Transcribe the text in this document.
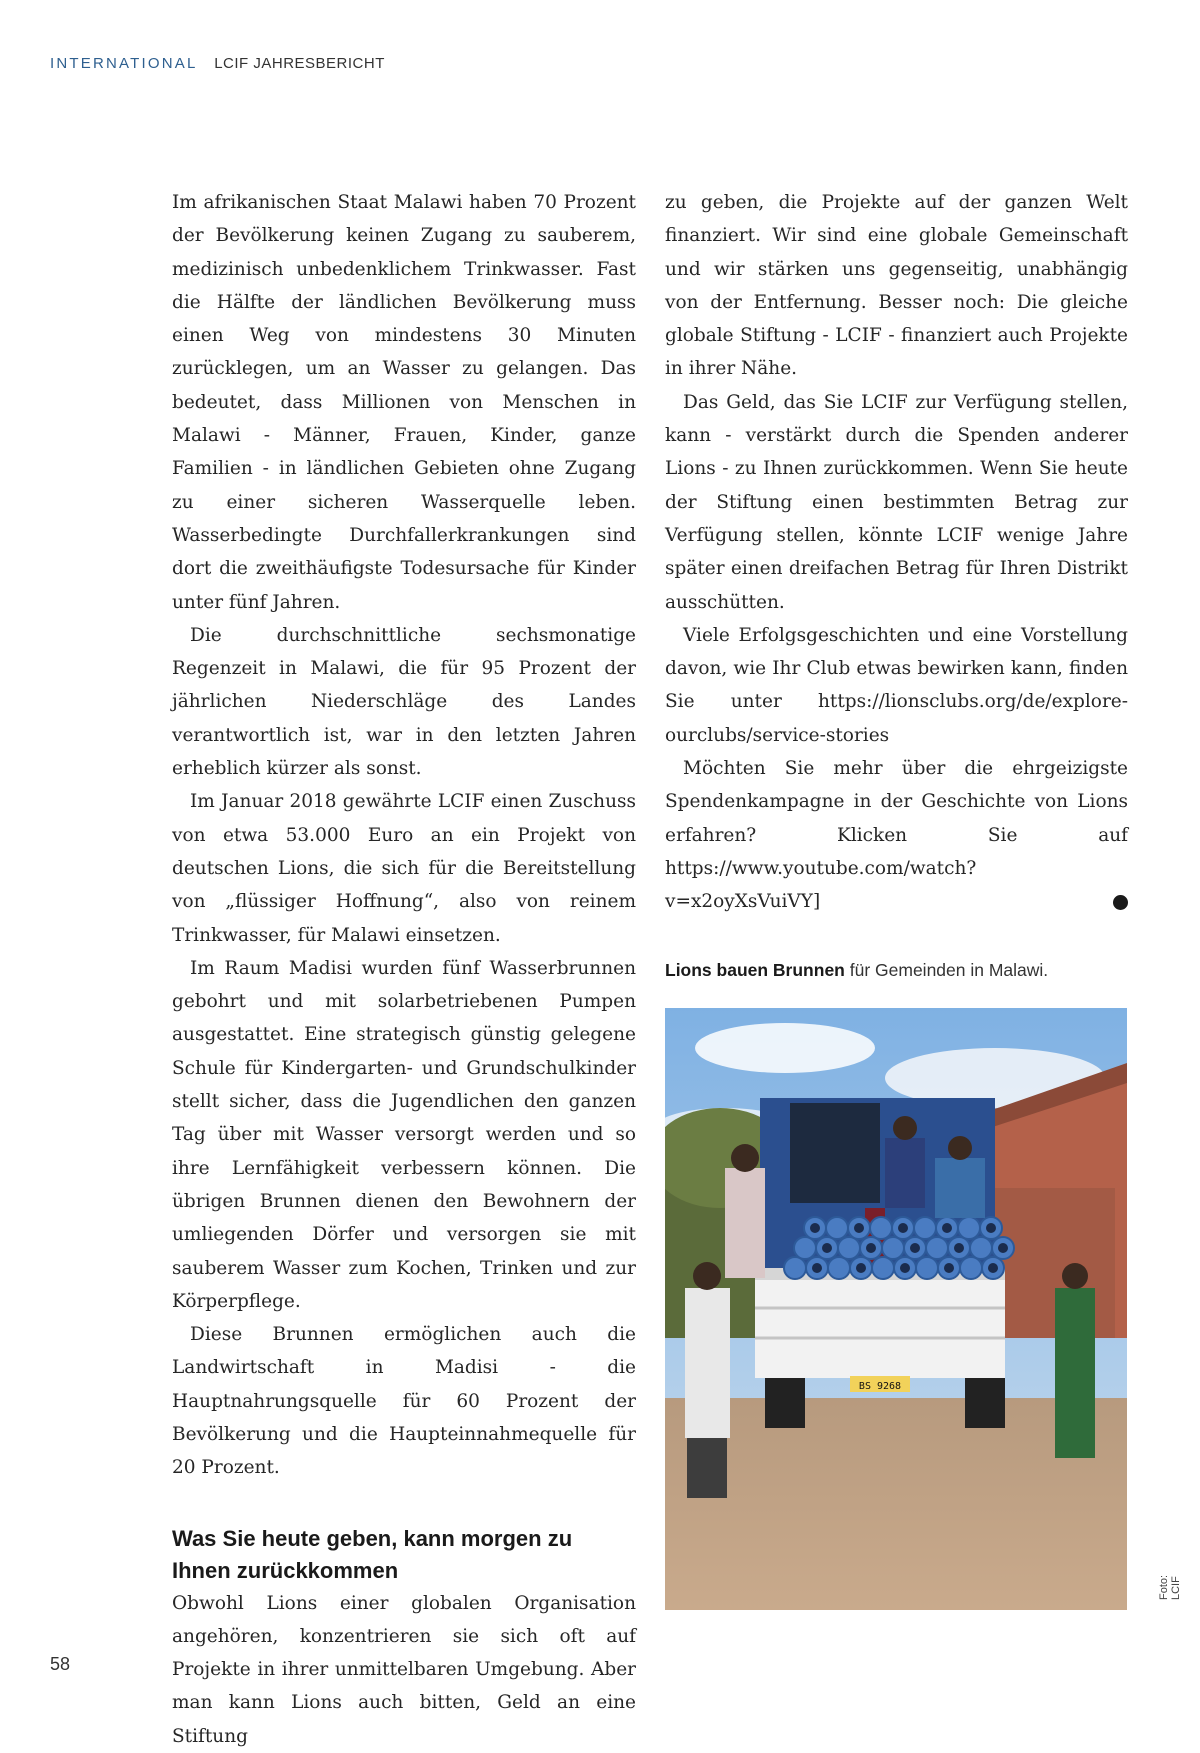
INTERNATIONAL LCIF JAHRESBERICHT

Im afrikanischen Staat Malawi haben 70 Prozent der Bevölkerung keinen Zugang zu sauberem, medizinisch unbedenklichem Trinkwasser. Fast die Hälfte der ländlichen Bevölkerung muss einen Weg von mindestens 30 Minuten zurücklegen, um an Wasser zu gelangen. Das bedeutet, dass Millionen von Menschen in Malawi - Männer, Frauen, Kinder, ganze Familien - in ländlichen Gebieten ohne Zugang zu einer sicheren Wasserquelle leben. Wasserbedingte Durchfallerkrankungen sind dort die zweithäufigste Todesursache für Kinder unter fünf Jahren.

Die durchschnittliche sechsmonatige Regenzeit in Malawi, die für 95 Prozent der jährlichen Niederschläge des Landes verantwortlich ist, war in den letzten Jahren erheblich kürzer als sonst.

Im Januar 2018 gewährte LCIF einen Zuschuss von etwa 53.000 Euro an ein Projekt von deutschen Lions, die sich für die Bereitstellung von „flüssiger Hoffnung“, also von reinem Trinkwasser, für Malawi einsetzen.

Im Raum Madisi wurden fünf Wasserbrunnen gebohrt und mit solarbetriebenen Pumpen ausgestattet. Eine strategisch günstig gelegene Schule für Kindergarten- und Grundschulkinder stellt sicher, dass die Jugendlichen den ganzen Tag über mit Wasser versorgt werden und so ihre Lernfähigkeit verbessern können. Die übrigen Brunnen dienen den Bewohnern der umliegenden Dörfer und versorgen sie mit sauberem Wasser zum Kochen, Trinken und zur Körperpflege.

Diese Brunnen ermöglichen auch die Landwirtschaft in Madisi - die Hauptnahrungsquelle für 60 Prozent der Bevölkerung und die Haupteinnahmequelle für 20 Prozent.

Was Sie heute geben, kann morgen zu Ihnen zurückkommen

Obwohl Lions einer globalen Organisation angehören, konzentrieren sie sich oft auf Projekte in ihrer unmittelbaren Umgebung. Aber man kann Lions auch bitten, Geld an eine Stiftung

zu geben, die Projekte auf der ganzen Welt finanziert. Wir sind eine globale Gemeinschaft und wir stärken uns gegenseitig, unabhängig von der Entfernung. Besser noch: Die gleiche globale Stiftung - LCIF - finanziert auch Projekte in ihrer Nähe.

Das Geld, das Sie LCIF zur Verfügung stellen, kann - verstärkt durch die Spenden anderer Lions - zu Ihnen zurückkommen. Wenn Sie heute der Stiftung einen bestimmten Betrag zur Verfügung stellen, könnte LCIF wenige Jahre später einen dreifachen Betrag für Ihren Distrikt ausschütten.

Viele Erfolgsgeschichten und eine Vorstellung davon, wie Ihr Club etwas bewirken kann, finden Sie unter https://lionsclubs.org/de/explore-ourclubs/service-stories

Möchten Sie mehr über die ehrgeizigste Spendenkampagne in der Geschichte von Lions erfahren? Klicken Sie auf https://www.youtube.com/watch?v=x2oyXsVuiVY]	L

Lions bauen Brunnen für Gemeinden in Malawi.
BS 9268
Foto: LCIF
58
